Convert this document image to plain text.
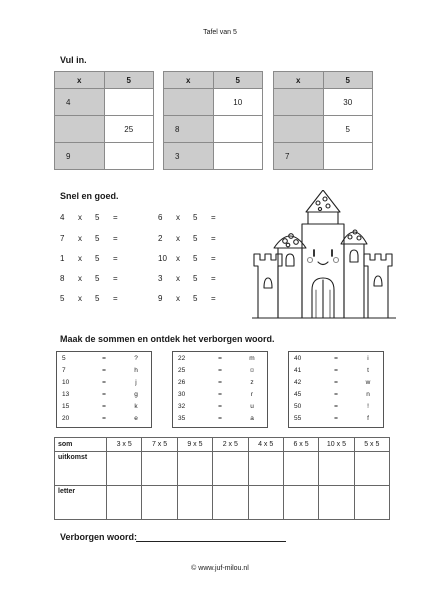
Tafel van 5
Vul in.
x	5
4	
	25
9	
x	5
	10
8	
3	
x	5
	30
	5
7	
Snel en goed.
4 x 5 =
7 x 5 =
1 x 5 =
8 x 5 =
5 x 5 =
6 x 5 =
2 x 5 =
10 x 5 =
3 x 5 =
9 x 5 =
Maak de sommen en ontdek het verborgen woord.
5	=	?
7	=	h
10	=	j
13	=	g
15	=	k
20	=	e
22	=	m
25	=	☺
26	=	z
30	=	r
32	=	u
35	=	a
40	=	i
41	=	t
42	=	w
45	=	n
50	=	!
55	=	f
som	3 x 5	7 x 5	9 x 5	2 x 5	4 x 5	6 x 5	10 x 5	5 x 5
uitkomst								
letter								
Verborgen woord:
© www.juf-milou.nl
